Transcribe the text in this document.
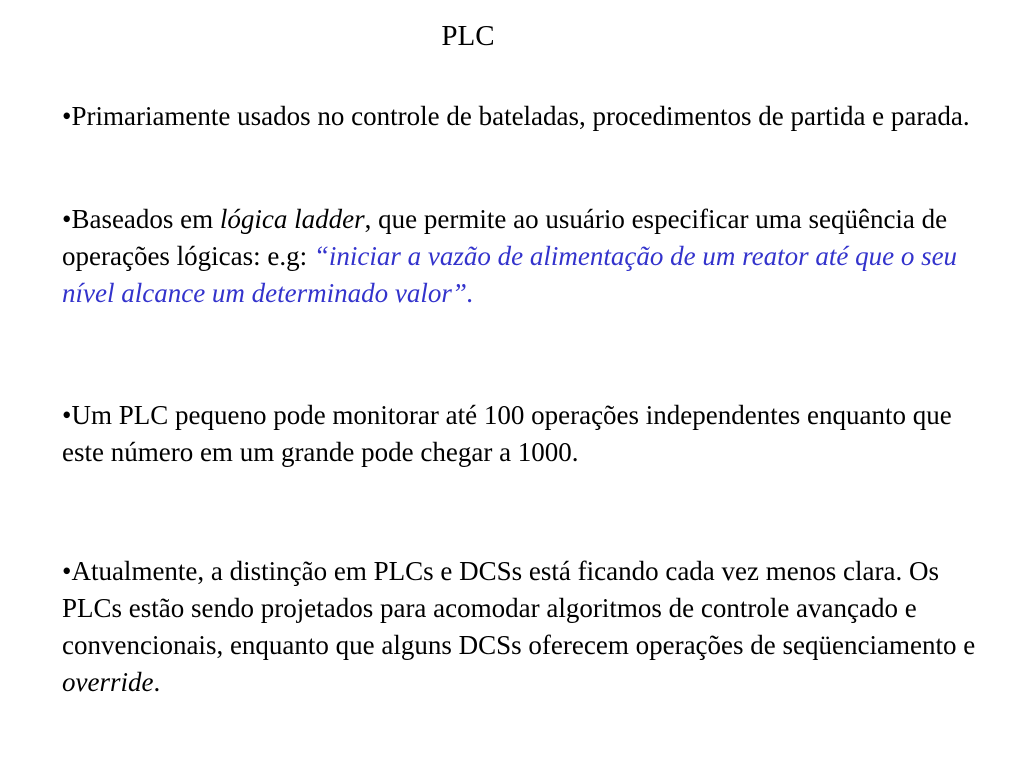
PLC
•Primariamente usados no controle de bateladas, procedimentos de partida e parada.
•Baseados em lógica ladder, que permite ao usuário especificar uma seqüência de operações lógicas: e.g: “iniciar a vazão de alimentação de um reator até que o seu nível alcance um determinado valor”.
•Um PLC pequeno pode monitorar até 100 operações independentes enquanto que este número em um grande pode chegar a 1000.
•Atualmente, a distinção em PLCs e DCSs está ficando cada vez menos clara. Os PLCs estão sendo projetados para acomodar algoritmos de controle avançado e convencionais, enquanto que alguns DCSs oferecem operações de seqüenciamento e override.
